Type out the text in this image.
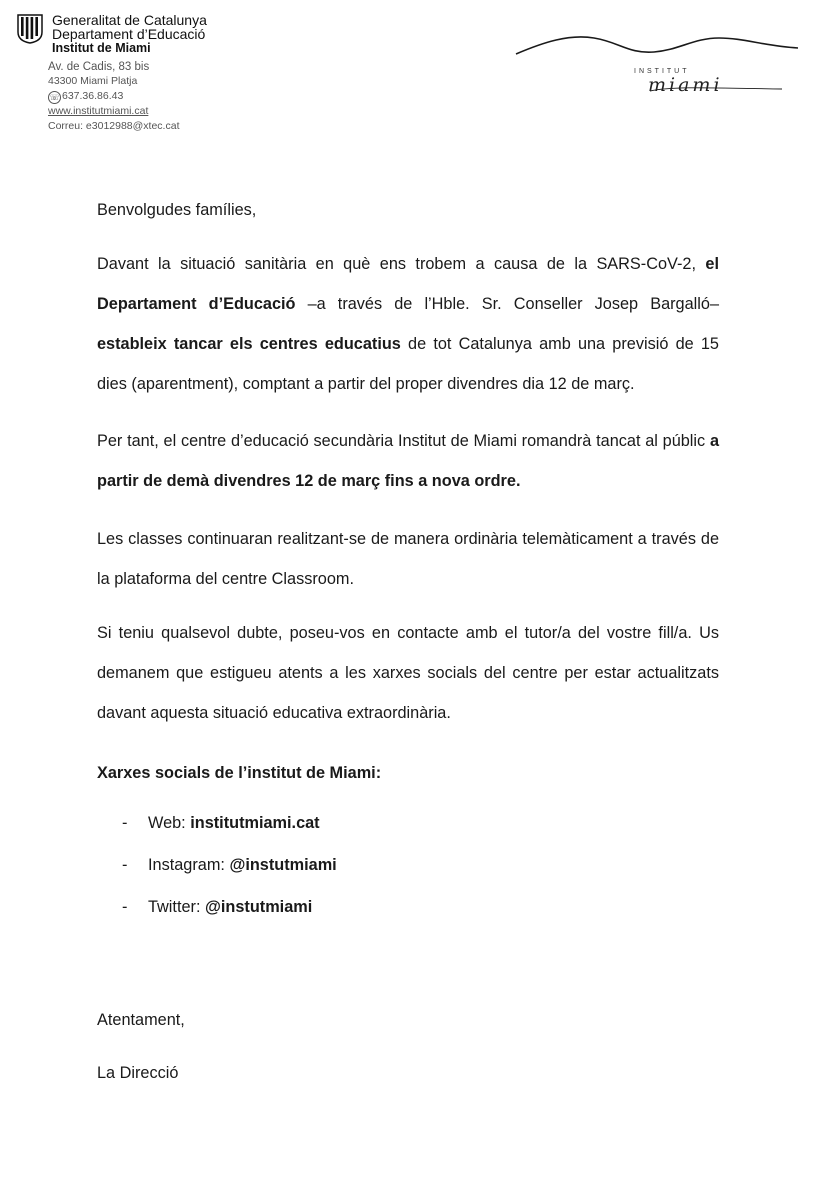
Generalitat de Catalunya
Departament d’Educació
Institut de Miami
Av. de Cadis, 83 bis
43300 Miami Platja
☏ 637.36.86.43
www.institutmiami.cat
Correu: e3012988@xtec.cat
INSTITUT
miami

Benvolgudes famílies,

Davant la situació sanitària en què ens trobem a causa de la SARS-CoV-2, el Departament d’Educació –a través de l’Hble. Sr. Conseller Josep Bargalló– estableix tancar els centres educatius de tot Catalunya amb una previsió de 15 dies (aparentment), comptant a partir del proper divendres dia 12 de març.

Per tant, el centre d’educació secundària Institut de Miami romandrà tancat al públic a partir de demà divendres 12 de març fins a nova ordre.

Les classes continuaran realitzant-se de manera ordinària telemàticament a través de la plataforma del centre Classroom.

Si teniu qualsevol dubte, poseu-vos en contacte amb el tutor/a del vostre fill/a. Us demanem que estigueu atents a les xarxes socials del centre per estar actualitzats davant aquesta situació educativa extraordinària.

Xarxes socials de l’institut de Miami:

Atentament,

La Direcció

- Web: institutmiami.cat
- Instagram: @instutmiami
- Twitter: @instutmiami
